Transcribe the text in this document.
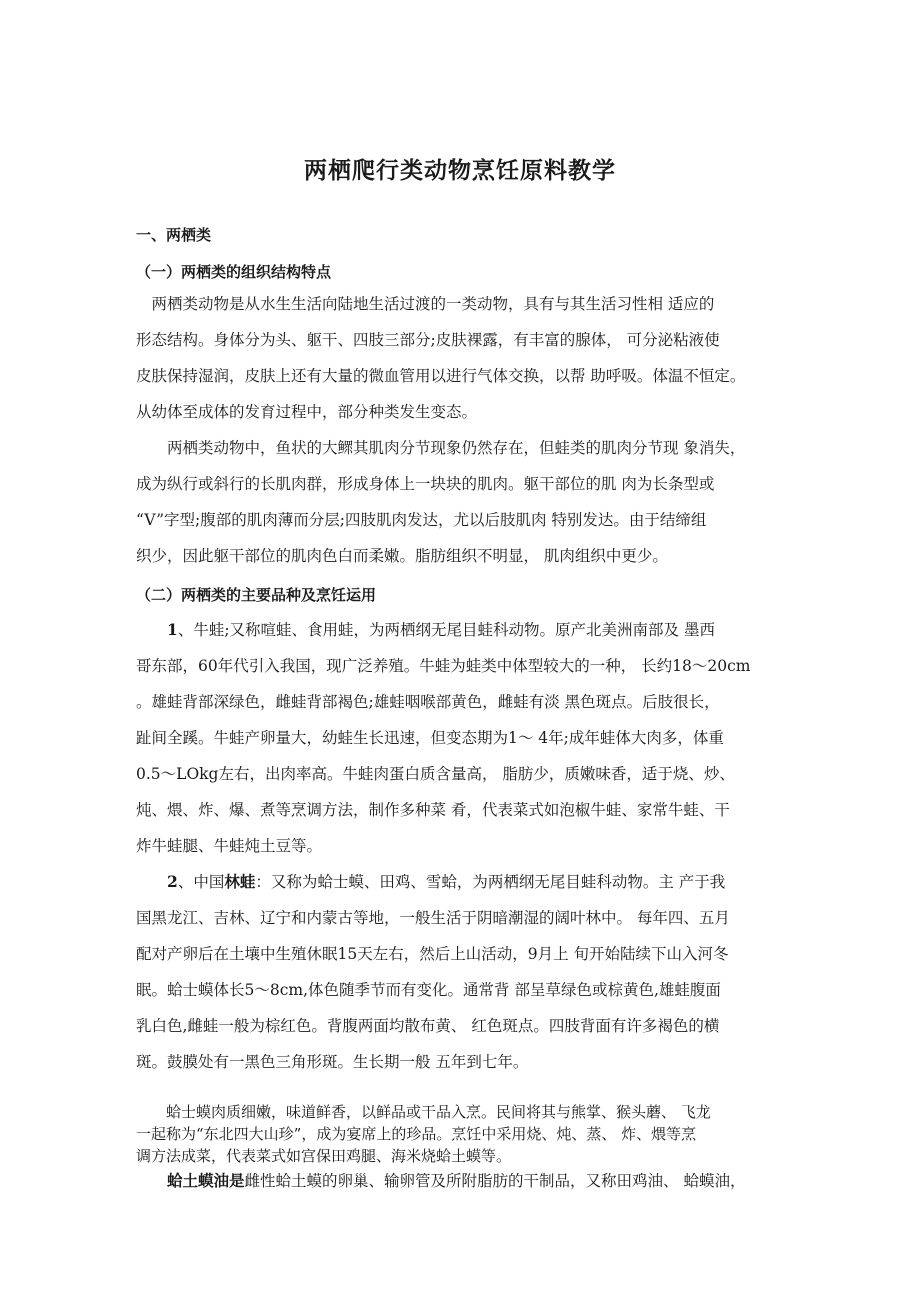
两栖爬行类动物烹饪原料教学
一、两栖类
（一）两栖类的组织结构特点
　两栖类动物是从水生生活向陆地生活过渡的一类动物，具有与其生活习性相 适应的
形态结构。身体分为头、躯干、四肢三部分;皮肤裸露，有丰富的腺体， 可分泌粘液使
皮肤保持湿润，皮肤上还有大量的微血管用以进行气体交换，以帮 助呼吸。体温不恒定。
从幼体至成体的发育过程中，部分种类发生变态。
　　两栖类动物中，鱼状的大鳏其肌肉分节现象仍然存在，但蛙类的肌肉分节现 象消失，
成为纵行或斜行的长肌肉群，形成身体上一块块的肌肉。躯干部位的肌 肉为长条型或
“V”字型;腹部的肌肉薄而分层;四肢肌肉发达，尤以后肢肌肉 特别发达。由于结缔组
织少，因此躯干部位的肌肉色白而柔嫩。脂肪组织不明显， 肌肉组织中更少。
（二）两栖类的主要品种及烹饪运用
　　1、牛蛙;又称喧蛙、食用蛙，为两栖纲无尾目蛙科动物。原产北美洲南部及 墨西
哥东部，60年代引入我国，现广泛养殖。牛蛙为蛙类中体型较大的一种， 长约18～20cm
。雄蛙背部深绿色，雌蛙背部褐色;雄蛙咽喉部黄色，雌蛙有淡 黑色斑点。后肢很长，
趾间全蹊。牛蛙产卵量大，幼蛙生长迅速，但变态期为1～ 4年;成年蛙体大肉多，体重
0.5～LOkg左右，出肉率高。牛蛙肉蛋白质含量高， 脂肪少，质嫩味香，适于烧、炒、
炖、煨、炸、爆、煮等烹调方法，制作多种菜 肴，代表菜式如泡椒牛蛙、家常牛蛙、干
炸牛蛙腿、牛蛙炖土豆等。
　　2、中国林蛙：又称为蛤士蟆、田鸡、雪蛤，为两栖纲无尾目蛙科动物。主 产于我
国黑龙江、吉林、辽宁和内蒙古等地，一般生活于阴暗潮湿的阔叶林中。 每年四、五月
配对产卵后在土壤中生殖休眠15天左右，然后上山活动，9月上 旬开始陆续下山入河冬
眠。蛤士蟆体长5～8cm,体色随季节而有变化。通常背 部呈草绿色或棕黄色,雄蛙腹面
乳白色,雌蛙一般为棕红色。背腹两面均散布黄、 红色斑点。四肢背面有许多褐色的横
斑。鼓膜处有一黑色三角形斑。生长期一般 五年到七年。
　　蛤士蟆肉质细嫩，味道鲜香，以鲜品或干品入烹。民间将其与熊掌、猴头蘑、 飞龙
一起称为“东北四大山珍”，成为宴席上的珍品。烹饪中采用烧、炖、蒸、 炸、煨等烹
调方法成菜，代表菜式如宫保田鸡腿、海米烧蛤土蟆等。
　　蛤土蟆油是雌性蛤土蟆的卵巢、输卵管及所附脂肪的干制品，又称田鸡油、 蛤蟆油，
